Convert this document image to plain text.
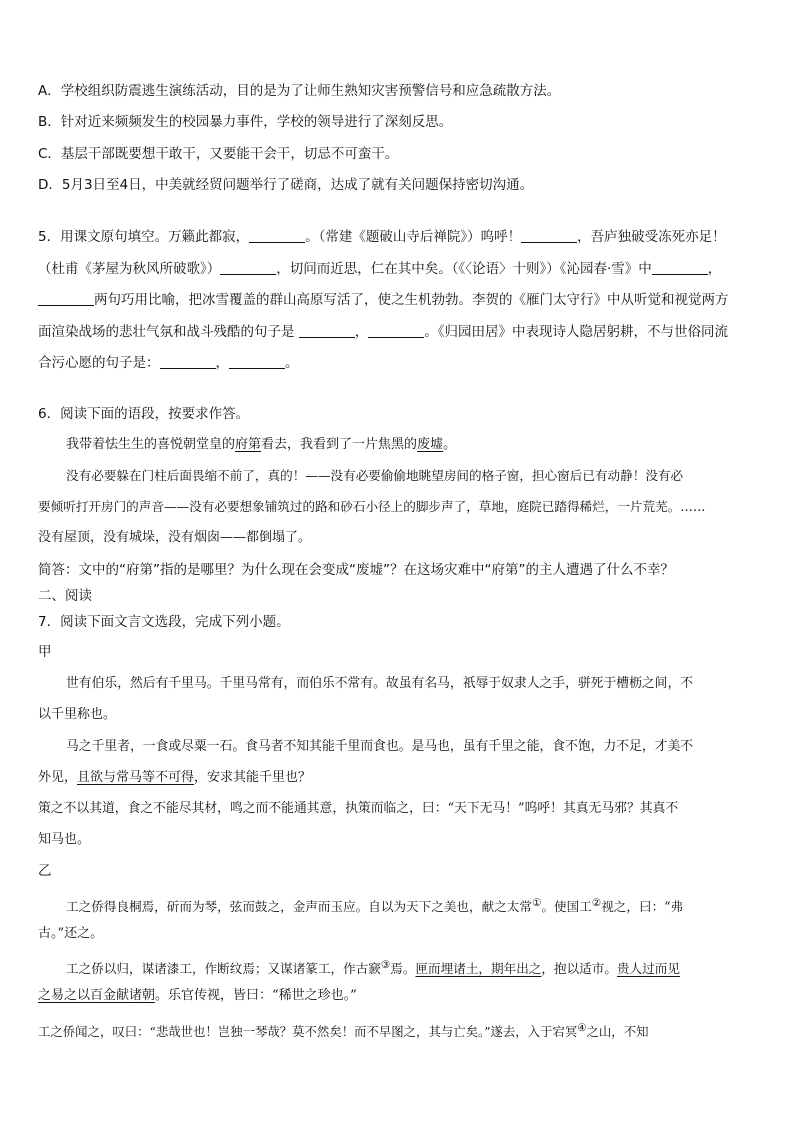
A．学校组织防震逃生演练活动，目的是为了让师生熟知灾害预警信号和应急疏散方法。

B．针对近来频频发生的校园暴力事件，学校的领导进行了深刻反思。

C．基层干部既要想干敢干，又要能干会干，切忌不可蛮干。

D．5月3日至4日，中美就经贸问题举行了磋商，达成了就有关问题保持密切沟通。

5．用课文原句填空。万籁此都寂，	。（常建《题破山寺后禅院》）呜呼！	，吾庐独破受冻死亦足！

（杜甫《茅屋为秋风所破歌》）	，切问而近思，仁在其中矣。（《〈论语〉十则》）《沁园春·雪》中	，

两句巧用比喻，把冰雪覆盖的群山高原写活了，使之生机勃勃。李贺的《雁门太守行》中从听觉和视觉两方

面渲染战场的悲壮气氛和战斗残酷的句子是	，	。《归园田居》中表现诗人隐居躬耕，不与世俗同流

合污心愿的句子是：	，	。

6．阅读下面的语段，按要求作答。

我带着怯生生的喜悦朝堂皇的府第看去，我看到了一片焦黑的废墟。

没有必要躲在门柱后面畏缩不前了，真的！——没有必要偷偷地眺望房间的格子窗，担心窗后已有动静！没有必

要倾听打开房门的声音——没有必要想象铺筑过的路和砂石小径上的脚步声了，草地，庭院已踏得稀烂，一片荒芜。……

没有屋顶，没有城垛，没有烟囱——都倒塌了。

简答：文中的“府第”指的是哪里？为什么现在会变成“废墟”？在这场灾难中“府第”的主人遭遇了什么不幸？

二、阅读

7．阅读下面文言文选段，完成下列小题。

甲

世有伯乐，然后有千里马。千里马常有，而伯乐不常有。故虽有名马，祇辱于奴隶人之手，骈死于槽枥之间，不

以千里称也。

马之千里者，一食或尽粟一石。食马者不知其能千里而食也。是马也，虽有千里之能，食不饱，力不足，才美不

外见，且欲与常马等不可得，安求其能千里也？

策之不以其道，食之不能尽其材，鸣之而不能通其意，执策而临之，曰：“天下无马！”呜呼！其真无马邪？其真不

知马也。

乙

工之侨得良桐焉，斫而为琴，弦而鼓之，金声而玉应。自以为天下之美也，献之太常①。使国工②视之，曰：“弗

古。”还之。

工之侨以归，谋诸漆工，作断纹焉；又谋诸篆工，作古窾③焉。匣而埋诸土，期年出之，抱以适市。贵人过而见

之易之以百金献诸朝。乐官传视，皆曰：“稀世之珍也。”

工之侨闻之，叹曰：“悲哉世也！岂独一琴哉？莫不然矣！而不早图之，其与亡矣。”遂去，入于宕冥④之山，不知
